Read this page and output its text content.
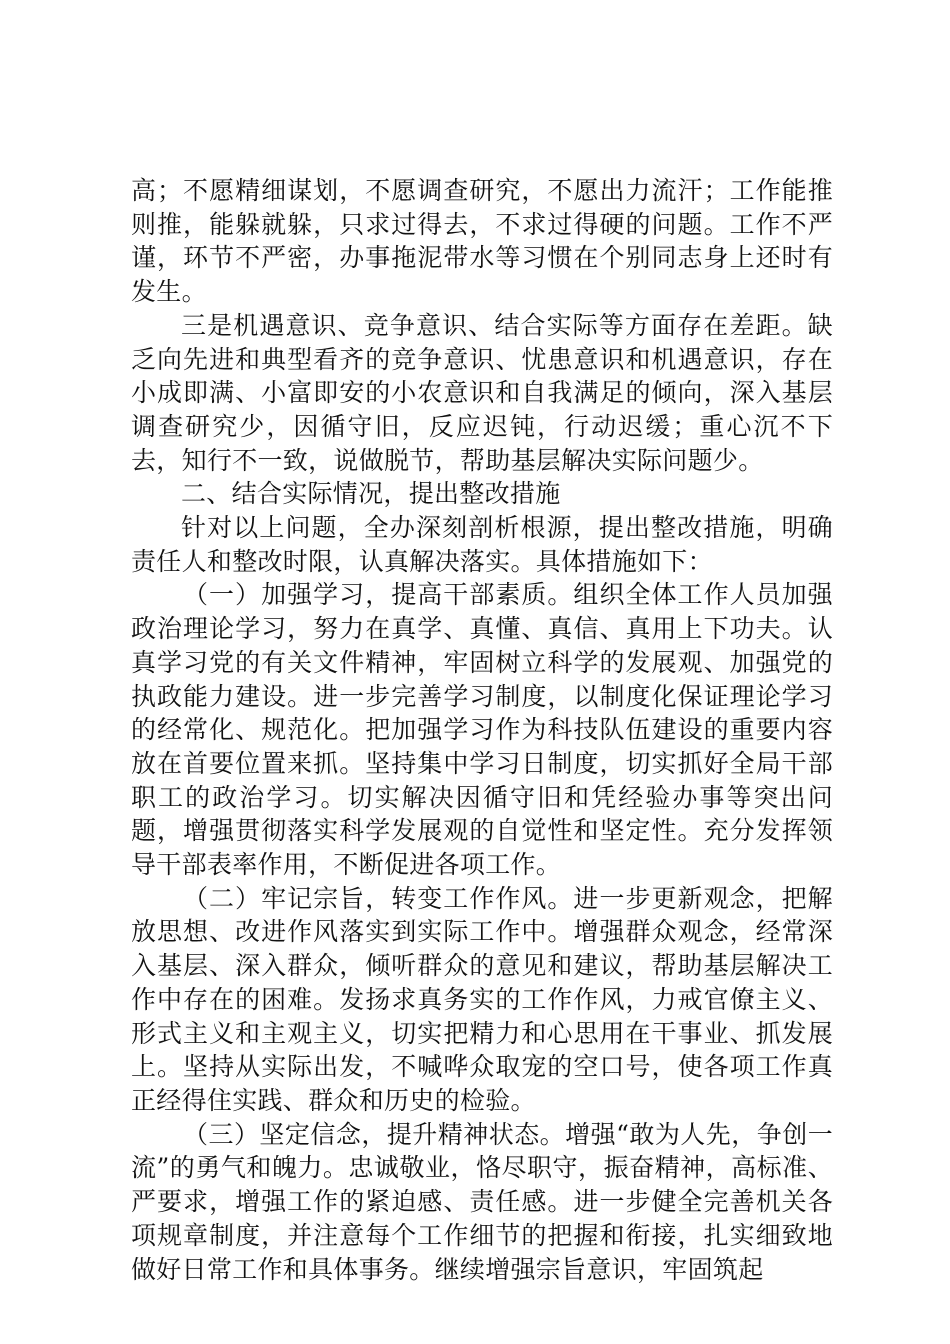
高；不愿精细谋划，不愿调查研究，不愿出力流汗；工作能推则推，能躲就躲，只求过得去，不求过得硬的问题。工作不严谨，环节不严密，办事拖泥带水等习惯在个别同志身上还时有发生。

三是机遇意识、竞争意识、结合实际等方面存在差距。缺乏向先进和典型看齐的竞争意识、忧患意识和机遇意识，存在小成即满、小富即安的小农意识和自我满足的倾向，深入基层调查研究少，因循守旧，反应迟钝，行动迟缓；重心沉不下去，知行不一致，说做脱节，帮助基层解决实际问题少。

二、结合实际情况，提出整改措施

针对以上问题，全办深刻剖析根源，提出整改措施，明确责任人和整改时限，认真解决落实。具体措施如下：

（一）加强学习，提高干部素质。组织全体工作人员加强政治理论学习，努力在真学、真懂、真信、真用上下功夫。认真学习党的有关文件精神，牢固树立科学的发展观、加强党的执政能力建设。进一步完善学习制度，以制度化保证理论学习的经常化、规范化。把加强学习作为科技队伍建设的重要内容放在首要位置来抓。坚持集中学习日制度，切实抓好全局干部职工的政治学习。切实解决因循守旧和凭经验办事等突出问题，增强贯彻落实科学发展观的自觉性和坚定性。充分发挥领导干部表率作用，不断促进各项工作。

（二）牢记宗旨，转变工作作风。进一步更新观念，把解放思想、改进作风落实到实际工作中。增强群众观念，经常深入基层、深入群众，倾听群众的意见和建议，帮助基层解决工作中存在的困难。发扬求真务实的工作作风，力戒官僚主义、形式主义和主观主义，切实把精力和心思用在干事业、抓发展上。坚持从实际出发，不喊哗众取宠的空口号，使各项工作真正经得住实践、群众和历史的检验。

（三）坚定信念，提升精神状态。增强“敢为人先，争创一流”的勇气和魄力。忠诚敬业，恪尽职守，振奋精神，高标准、严要求，增强工作的紧迫感、责任感。进一步健全完善机关各项规章制度，并注意每个工作细节的把握和衔接，扎实细致地做好日常工作和具体事务。继续增强宗旨意识，牢固筑起
